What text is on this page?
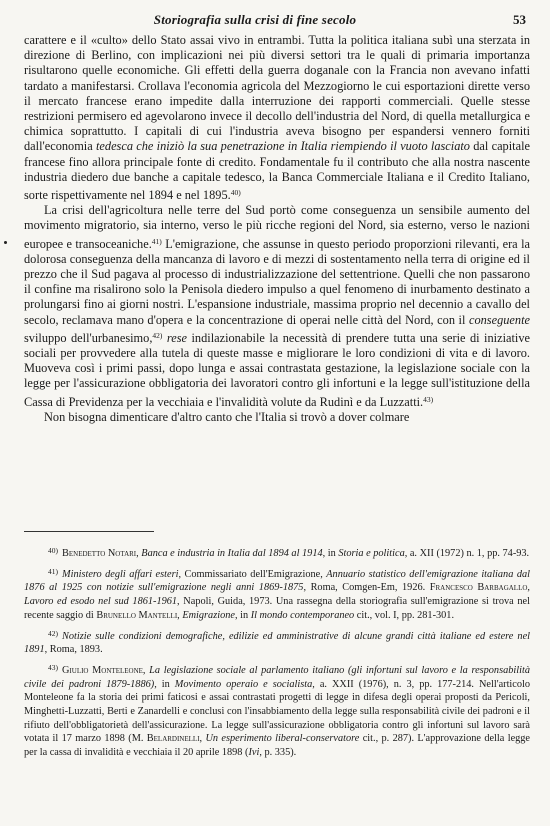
Storiografia sulla crisi di fine secolo	53

carattere e il «culto» dello Stato assai vivo in entrambi. Tutta la politica italiana subì una sterzata in direzione di Berlino, con implicazioni nei più diversi settori tra le quali di primaria importanza risultarono quelle economiche. Gli effetti della guerra doganale con la Francia non avevano infatti tardato a manifestarsi. Crollava l'economia agricola del Mezzogiorno le cui esportazioni dirette verso il mercato francese erano impedite dalla interruzione dei rapporti commerciali. Quelle stesse restrizioni permisero ed agevolarono invece il decollo dell'industria del Nord, di quella metallurgica e chimica soprattutto. I capitali di cui l'industria aveva bisogno per espandersi vennero forniti dall'economia tedesca che iniziò la sua penetrazione in Italia riempiendo il vuoto lasciato dal capitale francese fino allora principale fonte di credito. Fondamentale fu il contributo che alla nostra nascente industria diedero due banche a capitale tedesco, la Banca Commerciale Italiana e il Credito Italiano, sorte rispettivamente nel 1894 e nel 1895.$^{40)}$

La crisi dell'agricoltura nelle terre del Sud portò come conseguenza un sensibile aumento del movimento migratorio, sia interno, verso le più ricche regioni del Nord, sia esterno, verso le nazioni europee e transoceaniche.$^{41)}$ L'emigrazione, che assunse in questo periodo proporzioni rilevanti, era la dolorosa conseguenza della mancanza di lavoro e di mezzi di sostentamento nella terra di origine ed il prezzo che il Sud pagava al processo di industrializzazione del settentrione. Quelli che non passarono il confine ma risalirono solo la Penisola diedero impulso a quel fenomeno di inurbamento destinato a prolungarsi fino ai giorni nostri. L'espansione industriale, massima proprio nel decennio a cavallo del secolo, reclamava mano d'opera e la concentrazione di operai nelle città del Nord, con il conseguente sviluppo dell'urbanesimo,$^{42)}$ rese indilazionabile la necessità di prendere tutta una serie di iniziative sociali per provvedere alla tutela di queste masse e migliorare le loro condizioni di vita e di lavoro. Muoveva così i primi passi, dopo lunga e assai contrastata gestazione, la legislazione sociale con la legge per l'assicurazione obbligatoria dei lavoratori contro gli infortuni e la legge sull'istituzione della Cassa di Previdenza per la vecchiaia e l'invalidità volute da Rudinì e da Luzzatti.$^{43)}$

Non bisogna dimenticare d'altro canto che l'Italia si trovò a dover colmare

$^{40)}$ Benedetto Notari, Banca e industria in Italia dal 1894 al 1914, in Storia e politica, a. XII (1972) n. 1, pp. 74-93.
$^{41)}$ Ministero degli affari esteri, Commissariato dell'Emigrazione, Annuario statistico dell'emigrazione italiana dal 1876 al 1925 con notizie sull'emigrazione negli anni 1869-1875, Roma, Comgen-Em, 1926. Francesco Barbagallo, Lavoro ed esodo nel sud 1861-1961, Napoli, Guida, 1973. Una rassegna della storiografia sull'emigrazione si trova nel recente saggio di Brunello Mantelli, Emigrazione, in Il mondo contemporaneo cit., vol. I, pp. 281-301.
$^{42)}$ Notizie sulle condizioni demografiche, edilizie ed amministrative di alcune grandi città italiane ed estere nel 1891, Roma, 1893.
$^{43)}$ Giulio Monteleone, La legislazione sociale al parlamento italiano (gli infortuni sul lavoro e la responsabilità civile dei padroni 1879-1886), in Movimento operaio e socialista, a. XXII (1976), n. 3, pp. 177-214. Nell'articolo Monteleone fa la storia dei primi faticosi e assai contrastati progetti di legge in difesa degli operai proposti da Pericoli, Minghetti-Luzzatti, Berti e Zanardelli e conclusi con l'insabbiamento della legge sulla responsabilità civile dei padroni e il rifiuto dell'obbligatorietà dell'assicurazione. La legge sull'assicurazione obbligatoria contro gli infortuni sul lavoro sarà votata il 17 marzo 1898 (M. Belardinelli, Un esperimento liberal-conservatore cit., p. 287). L'approvazione della legge per la cassa di invalidità e vecchiaia il 20 aprile 1898 (Ivi, p. 335).
